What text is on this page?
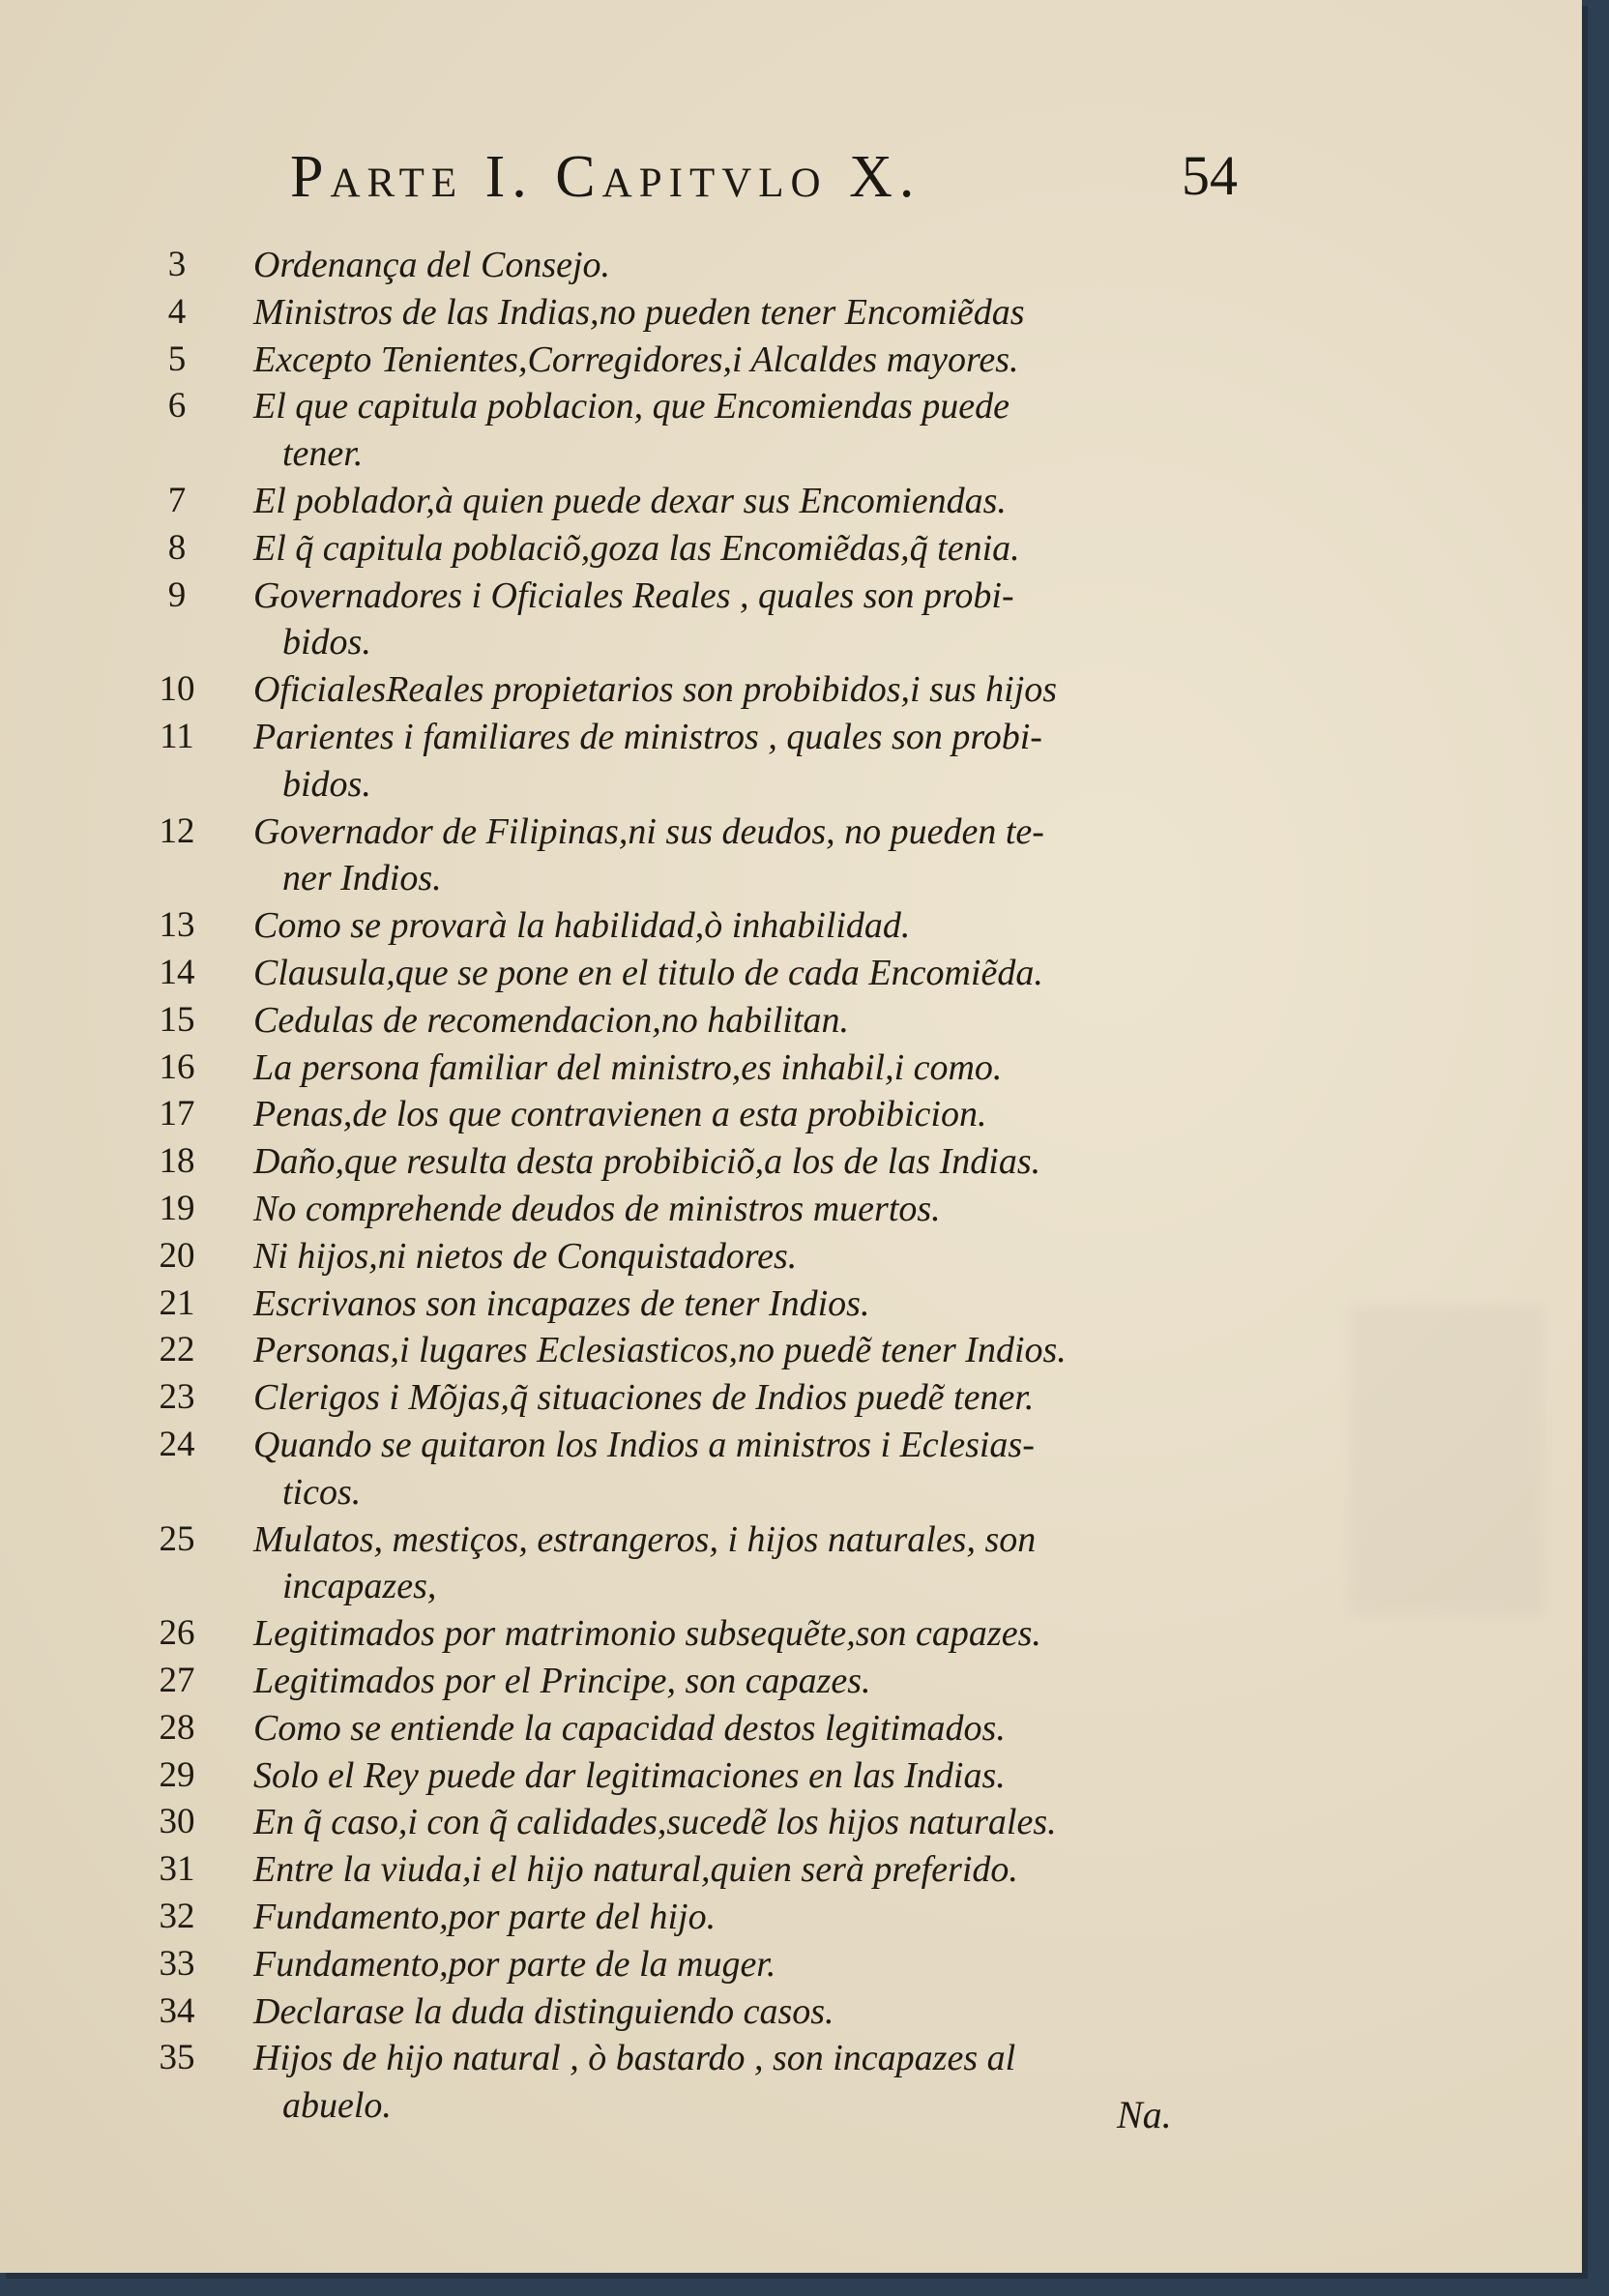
Parte I. Capitvlo X.	54
3	Ordenança del Consejo.
4	Ministros de las Indias,no pueden tener Encomiẽdas
5	Excepto Tenientes,Corregidores,i Alcaldes mayores.
6	El que capitula poblacion, que Encomiendas puede
tener.
7	El poblador,à quien puede dexar sus Encomiendas.
8	El q̃ capitula poblaciõ,goza las Encomiẽdas,q̃ tenia.
9	Governadores i Oficiales Reales , quales son probi-
bidos.
10	OficialesReales propietarios son probibidos,i sus hijos
11	Parientes i familiares de ministros , quales son probi-
bidos.
12	Governador de Filipinas,ni sus deudos, no pueden te-
ner Indios.
13	Como se provarà la habilidad,ò inhabilidad.
14	Clausula,que se pone en el titulo de cada Encomiẽda.
15	Cedulas de recomendacion,no habilitan.
16	La persona familiar del ministro,es inhabil,i como.
17	Penas,de los que contravienen a esta probibicion.
18	Daño,que resulta desta probibiciõ,a los de las Indias.
19	No comprehende deudos de ministros muertos.
20	Ni hijos,ni nietos de Conquistadores.
21	Escrivanos son incapazes de tener Indios.
22	Personas,i lugares Eclesiasticos,no puedẽ tener Indios.
23	Clerigos i Mõjas,q̃ situaciones de Indios puedẽ tener.
24	Quando se quitaron los Indios a ministros i Eclesias-
ticos.
25	Mulatos, mestiços, estrangeros, i hijos naturales, son
incapazes,
26	Legitimados por matrimonio subsequẽte,son capazes.
27	Legitimados por el Principe, son capazes.
28	Como se entiende la capacidad destos legitimados.
29	Solo el Rey puede dar legitimaciones en las Indias.
30	En q̃ caso,i con q̃ calidades,sucedẽ los hijos naturales.
31	Entre la viuda,i el hijo natural,quien serà preferido.
32	Fundamento,por parte del hijo.
33	Fundamento,por parte de la muger.
34	Declarase la duda distinguiendo casos.
35	Hijos de hijo natural , ò bastardo , son incapazes al
abuelo.	Na.
